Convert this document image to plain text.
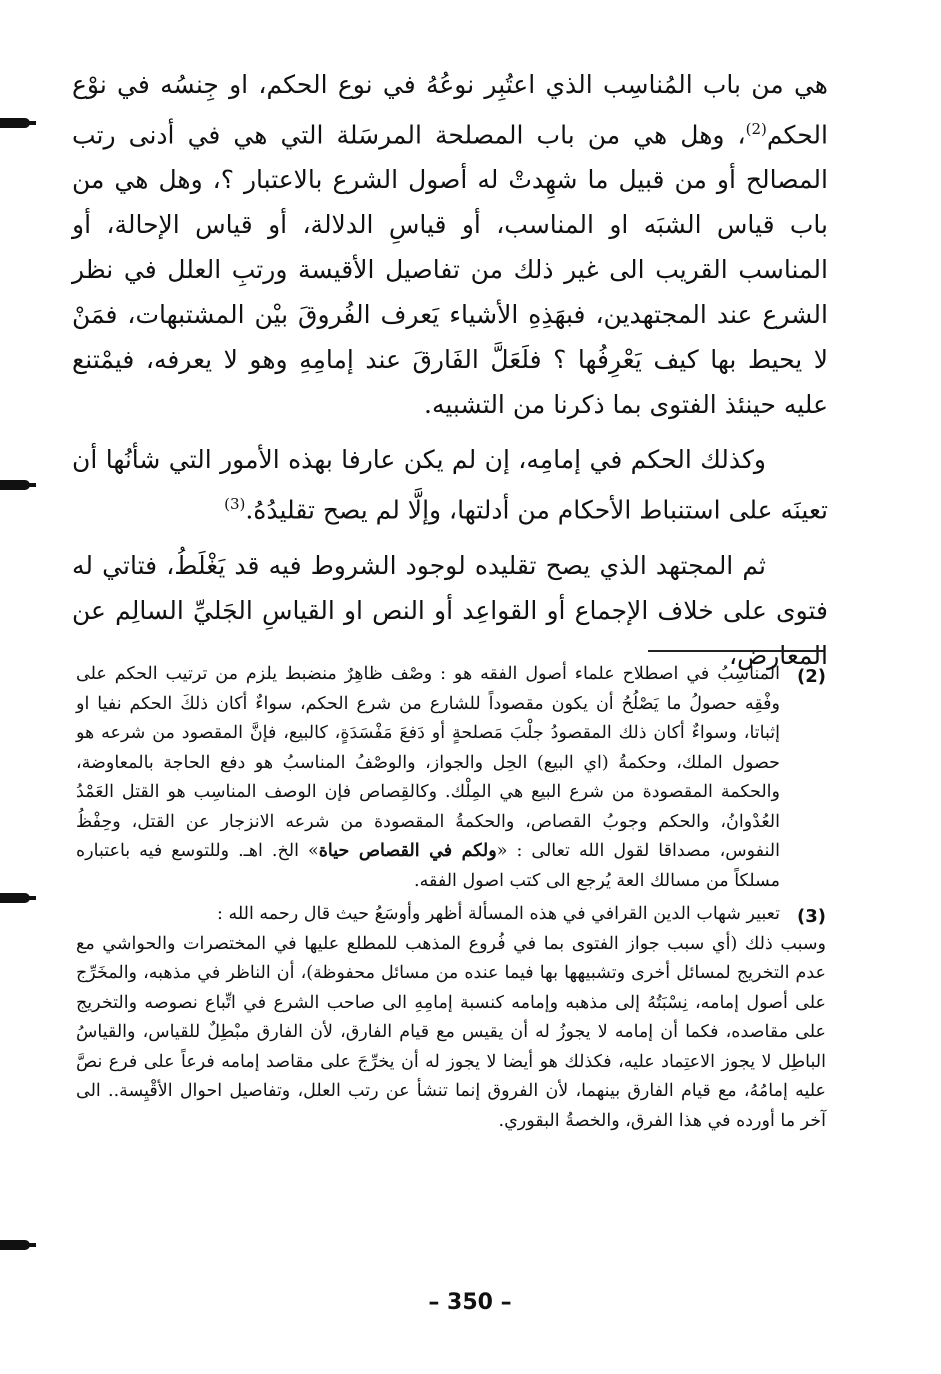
هي من باب المُناسِب الذي اعتُبِر نوعُهُ في نوع الحكم، او جِنسُه في نوْع الحكم$^{(2)}$، وهل هي من باب المصلحة المرسَلة التي هي في أدنى رتب المصالح أو من قبيل ما شهِدتْ له أصول الشرع بالاعتبار ؟، وهل هي من باب قياس الشبَه او المناسب، أو قياسِ الدلالة، أو قياس الإحالة، أو المناسب القريب الى غير ذلك من تفاصيل الأقيسة ورتبِ العلل في نظر الشرع عند المجتهدين، فبهَذِهِ الأشياء يَعرف الفُروقَ بيْن المشتبهات، فمَنْ لا يحيط بها كيف يَعْرِفُها ؟ فلَعَلَّ الفَارقَ عند إمامِهِ وهو لا يعرفه، فيمْتنع عليه حينئذ الفتوى بما ذكرنا من التشبيه.

وكذلك الحكم في إمامِه، إن لم يكن عارفا بهذه الأمور التي شأنُها أن تعينَه على استنباط الأحكام من أدلتها، وإلَّا لم يصح تقليدُهُ.$^{(3)}$

ثم المجتهد الذي يصح تقليده لوجود الشروط فيه قد يَغْلَطُ، فتاتي له فتوى على خلاف الإجماع أو القواعِد أو النص او القياسِ الجَليِّ السالِم عن المعارض،

(2)
المناسِبُ في اصطلاح علماء أصول الفقه هو : وصْف ظاهِرٌ منضبط يلزم من ترتيب الحكم على وفْقِه حصولُ ما يَصْلُحُ أن يكون مقصوداً للشارع من شرع الحكم، سواءٌ أكان ذلكَ الحكم نفيا او إثباتا، وسواءٌ أكان ذلك المقصودُ جلْبَ مَصلحةٍ أو دَفعَ مَفْسَدَةٍ، كالبيع، فإنَّ المقصود من شرعه هو حصول الملك، وحكمةُ (اي البيع) الحِل والجواز، والوصْفُ المناسبُ هو دفع الحاجة بالمعاوضة، والحكمة المقصودة من شرع البيع هي المِلْك. وكالقِصاص فإن الوصف المناسِب هو القتل العَمْدُ العُدْوانُ، والحكم وجوبُ القصاص، والحكمةُ المقصودة من شرعه الانزجار عن القتل، وحِفْظُ النفوس، مصداقا لقول الله تعالى : «ولكم في القصاص حياة» الخ. اهـ. وللتوسع فيه باعتباره مسلكاً من مسالك العة يُرجع الى كتب اصول الفقه.
(3)
تعبير شهاب الدين القرافي في هذه المسألة أظهر وأوسَعُ حيث قال رحمه الله :
وسبب ذلك (أي سبب جواز الفتوى بما في فُروع المذهب للمطلع عليها في المختصرات والحواشي مع عدم التخريج لمسائل أخرى وتشبيهها بها فيما عنده من مسائل محفوظة)، أن الناظر في مذهبه، والمخَرِّج على أصول إمامه، نِسْبَتُهُ إلى مذهبه وإمامه كنسبة إمامِهِ الى صاحب الشرع في اتِّباع نصوصه والتخريج على مقاصده، فكما أن إمامه لا يجوزُ له أن يقيس مع قيام الفارق، لأن الفارق مبْطِلٌ للقياس، والقياسُ الباطِل لا يجوز الاعتِماد عليه، فكذلك هو أيضا لا يجوز له أن يخرِّجَ على مقاصد إمامه فرعاً على فرع نصَّ عليه إمامُهُ، مع قيام الفارق بينهما، لأن الفروق إنما تنشأ عن رتب العلل، وتفاصيل احوال الأقْيِسة.. الى آخر ما أورده في هذا الفرق، والخصةُ البقوري.
– 350 –
